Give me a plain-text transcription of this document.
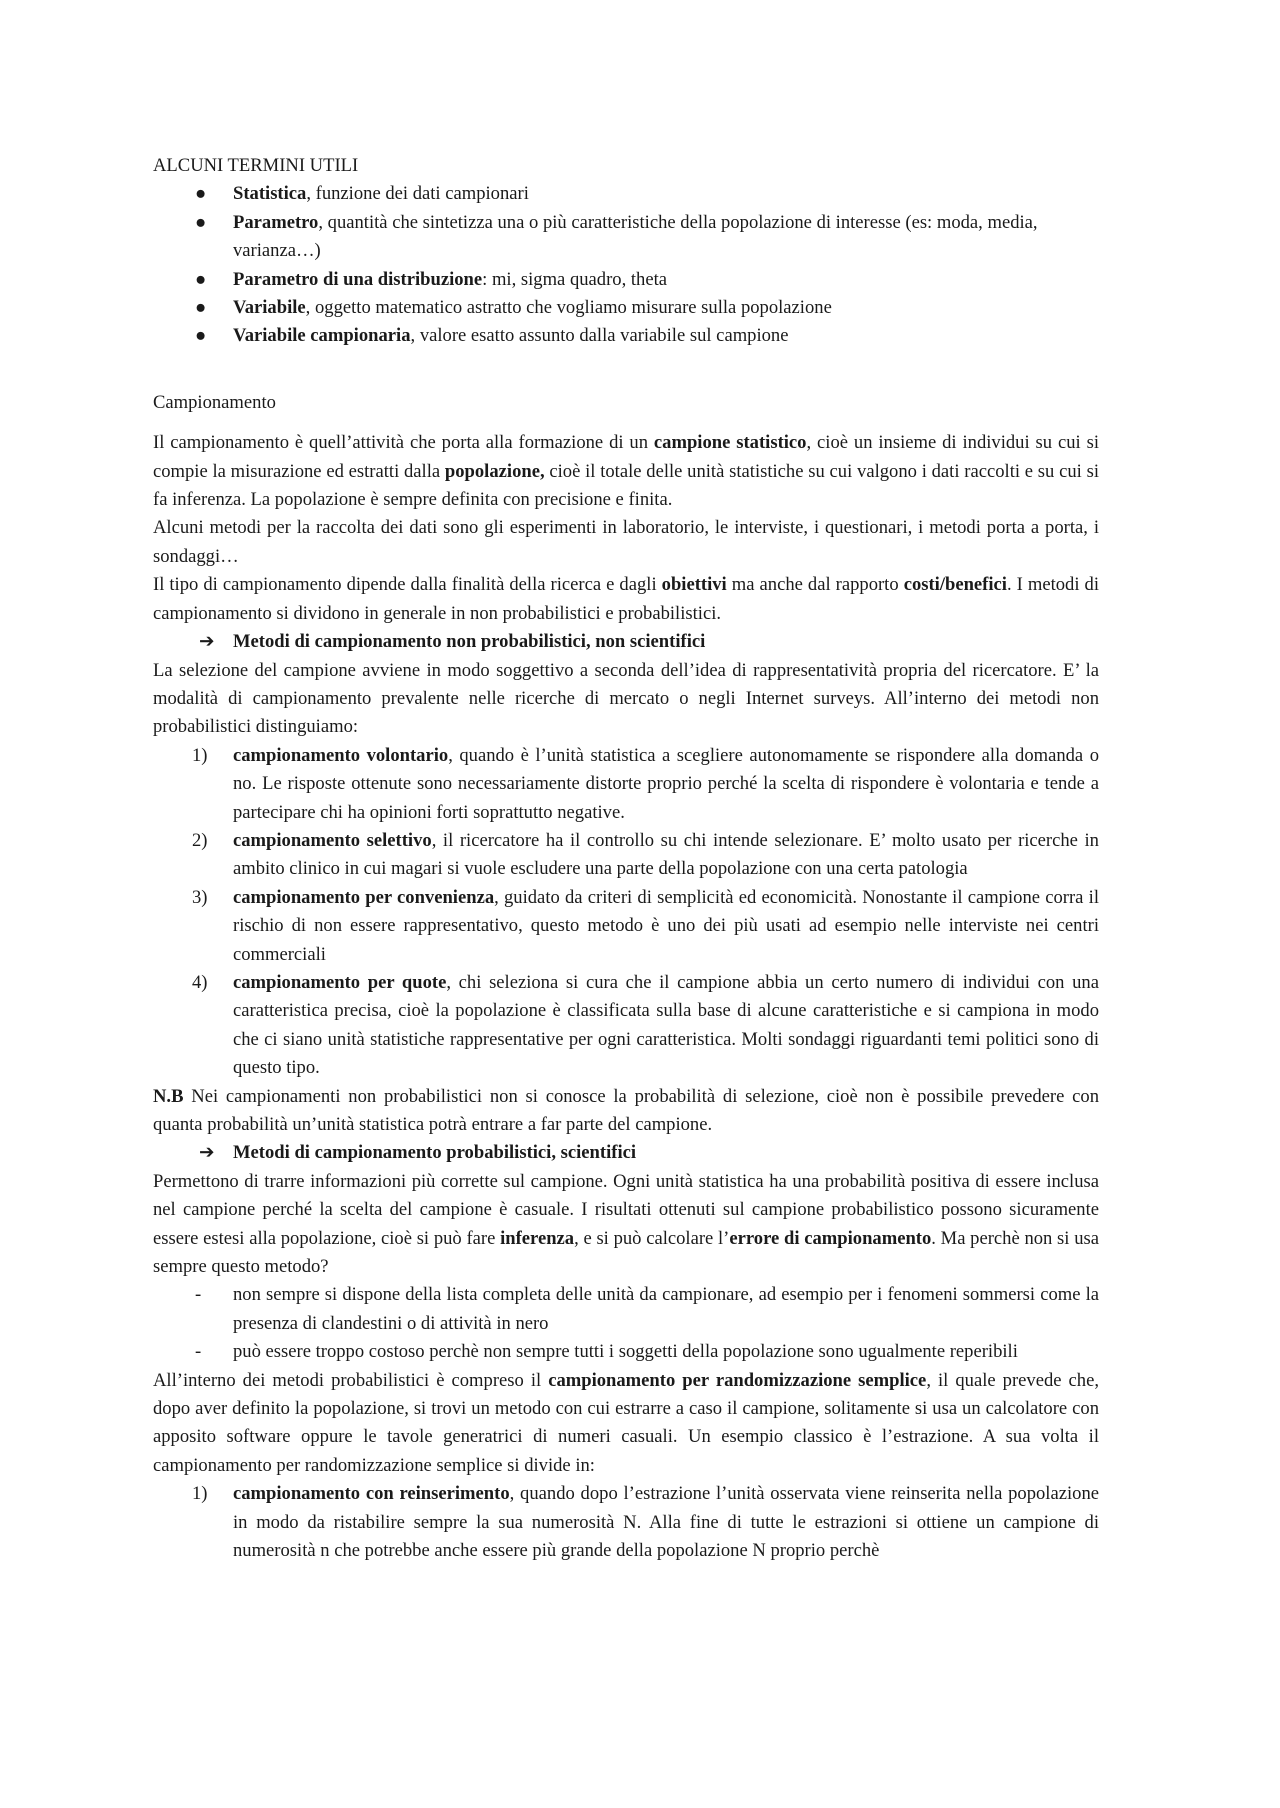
ALCUNI TERMINI UTILI

● Statistica, funzione dei dati campionari
● Parametro, quantità che sintetizza una o più caratteristiche della popolazione di interesse (es: moda, media, varianza…)
● Parametro di una distribuzione: mi, sigma quadro, theta
● Variabile, oggetto matematico astratto che vogliamo misurare sulla popolazione
● Variabile campionaria, valore esatto assunto dalla variabile sul campione

Campionamento

Il campionamento è quell’attività che porta alla formazione di un campione statistico, cioè un insieme di individui su cui si compie la misurazione ed estratti dalla popolazione, cioè il totale delle unità statistiche su cui valgono i dati raccolti e su cui si fa inferenza. La popolazione è sempre definita con precisione e finita.

Alcuni metodi per la raccolta dei dati sono gli esperimenti in laboratorio, le interviste, i questionari, i metodi porta a porta, i sondaggi…

Il tipo di campionamento dipende dalla finalità della ricerca e dagli obiettivi ma anche dal rapporto costi/benefici. I metodi di campionamento si dividono in generale in non probabilistici e probabilistici.

➔ Metodi di campionamento non probabilistici, non scientifici

La selezione del campione avviene in modo soggettivo a seconda dell’idea di rappresentatività propria del ricercatore. E’ la modalità di campionamento prevalente nelle ricerche di mercato o negli Internet surveys. All’interno dei metodi non probabilistici distinguiamo:

1) campionamento volontario, quando è l’unità statistica a scegliere autonomamente se rispondere alla domanda o no. Le risposte ottenute sono necessariamente distorte proprio perché la scelta di rispondere è volontaria e tende a partecipare chi ha opinioni forti soprattutto negative.
2) campionamento selettivo, il ricercatore ha il controllo su chi intende selezionare. E’ molto usato per ricerche in ambito clinico in cui magari si vuole escludere una parte della popolazione con una certa patologia
3) campionamento per convenienza, guidato da criteri di semplicità ed economicità. Nonostante il campione corra il rischio di non essere rappresentativo, questo metodo è uno dei più usati ad esempio nelle interviste nei centri commerciali
4) campionamento per quote, chi seleziona si cura che il campione abbia un certo numero di individui con una caratteristica precisa, cioè la popolazione è classificata sulla base di alcune caratteristiche e si campiona in modo che ci siano unità statistiche rappresentative per ogni caratteristica. Molti sondaggi riguardanti temi politici sono di questo tipo.

N.B Nei campionamenti non probabilistici non si conosce la probabilità di selezione, cioè non è possibile prevedere con quanta probabilità un’unità statistica potrà entrare a far parte del campione.

➔ Metodi di campionamento probabilistici, scientifici

Permettono di trarre informazioni più corrette sul campione. Ogni unità statistica ha una probabilità positiva di essere inclusa nel campione perché la scelta del campione è casuale. I risultati ottenuti sul campione probabilistico possono sicuramente essere estesi alla popolazione, cioè si può fare inferenza, e si può calcolare l’errore di campionamento. Ma perchè non si usa sempre questo metodo?

- non sempre si dispone della lista completa delle unità da campionare, ad esempio per i fenomeni sommersi come la presenza di clandestini o di attività in nero
- può essere troppo costoso perchè non sempre tutti i soggetti della popolazione sono ugualmente reperibili

All’interno dei metodi probabilistici è compreso il campionamento per randomizzazione semplice, il quale prevede che, dopo aver definito la popolazione, si trovi un metodo con cui estrarre a caso il campione, solitamente si usa un calcolatore con apposito software oppure le tavole generatrici di numeri casuali. Un esempio classico è l’estrazione. A sua volta il campionamento per randomizzazione semplice si divide in:

1) campionamento con reinserimento, quando dopo l’estrazione l’unità osservata viene reinserita nella popolazione in modo da ristabilire sempre la sua numerosità N. Alla fine di tutte le estrazioni si ottiene un campione di numerosità n che potrebbe anche essere più grande della popolazione N proprio perchè
